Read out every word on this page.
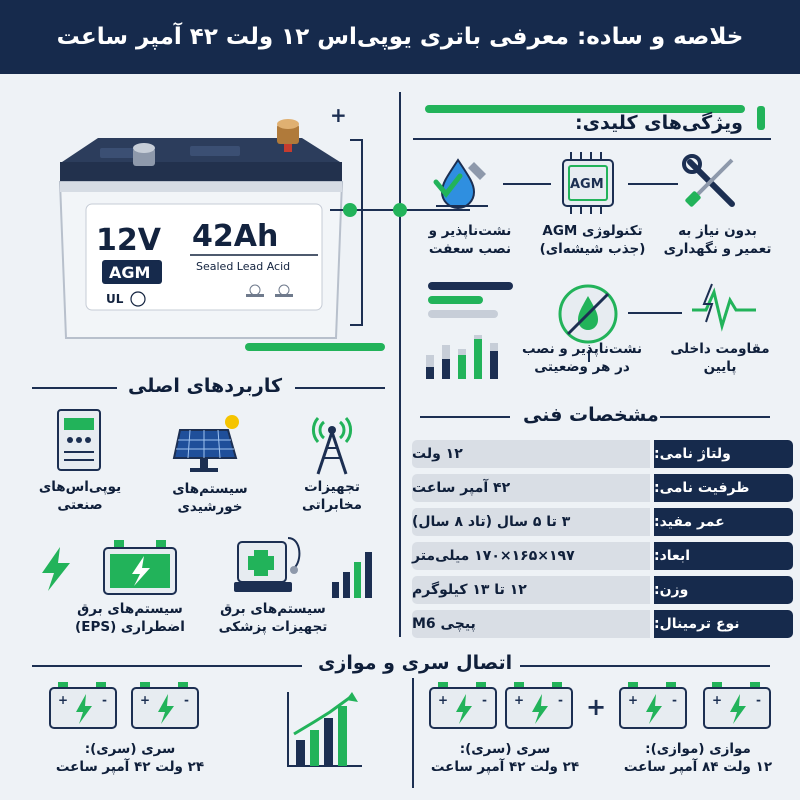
خلاصه و ساده: معرفی باتری یوپی‌اس ۱۲ ولت ۴۲ آمپر ساعت
+
12V 42Ah
Sealed Lead Acid
AGM
UL
ویژگی‌های کلیدی:
AGM
نشت‌ناپذیر و
نصب سعفت
تکنولوژی AGM
(جذب شیشه‌ای)
بدون نیاز به
تعمیر و نگهداری
نشت‌ناپذیر و نصب
در هر وضعیتی
مقاومت داخلی
پایین
کاربردهای اصلی
یوپی‌اس‌های
صنعتی
سیستم‌های
خورشیدی
تجهیزات
مخابراتی
سیستم‌های برق
اضطراری (EPS)
سیستم‌های برق
تجهیزات پزشکی
مشخصات فنی
۱۲ ولت	ولتاژ نامی:
۴۲ آمپر ساعت	ظرفیت نامی:
۳ تا ۵ سال (تاد ۸ سال)	عمر مفید:
۱۹۷×۱۶۵×۱۷۰ میلی‌متر	ابعاد:
۱۲ تا ۱۳ کیلوگرم	وزن:
پیچی M6	نوع ترمینال:
اتصال سری و موازی
+	-	+	-
سری (سری):
۲۴ ولت ۴۲ آمپر ساعت
+	- +	-
سری (سری):
۲۴ ولت ۴۲ آمپر ساعت
+ +	-	+	-
موازی (موازی):
۱۲ ولت ۸۴ آمپر ساعت
